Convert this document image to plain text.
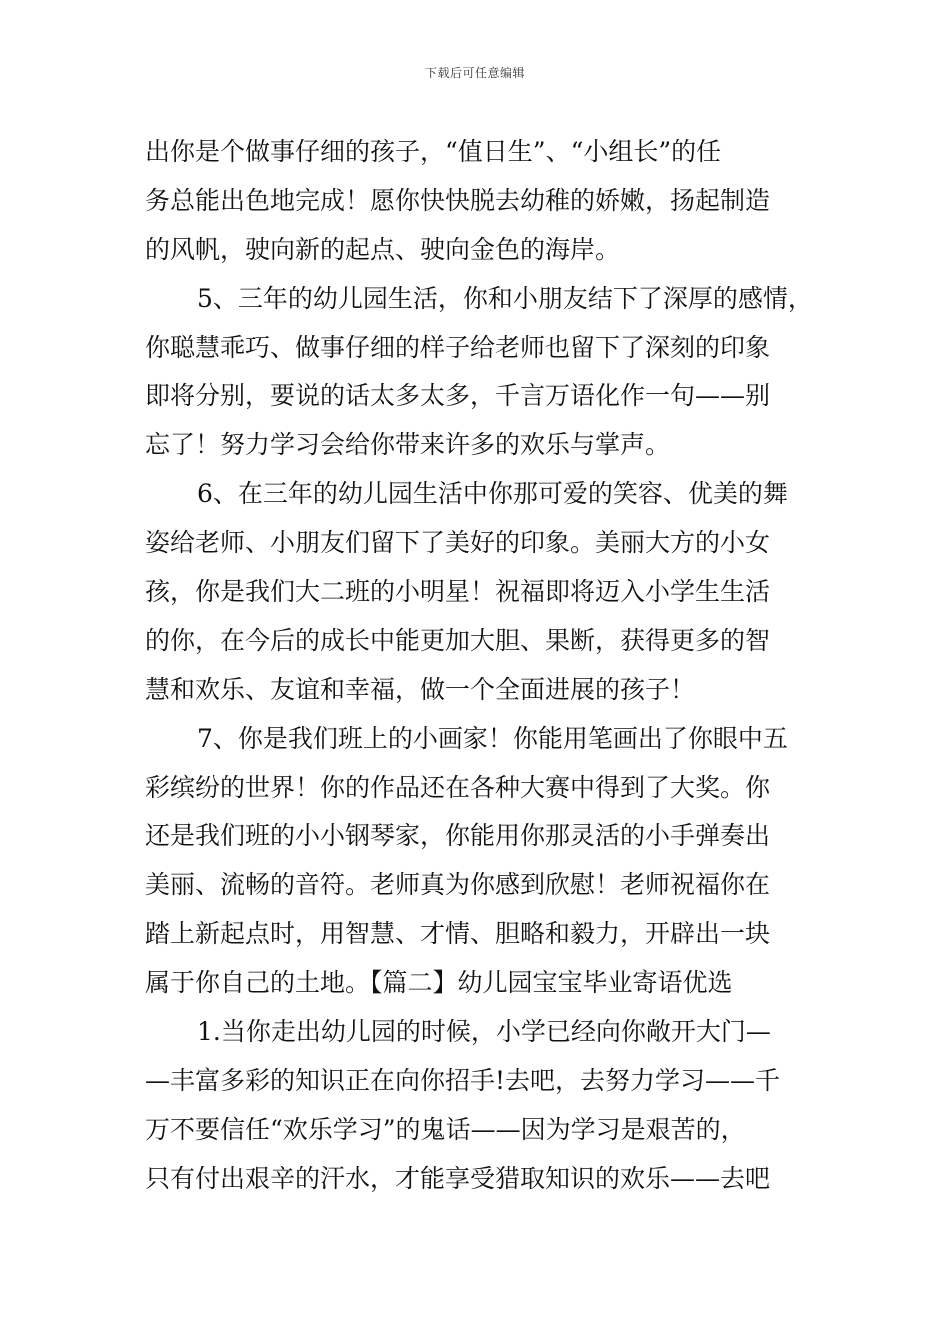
下载后可任意编辑
出你是个做事仔细的孩子，“值日生”、“小组长”的任
务总能出色地完成！愿你快快脱去幼稚的娇嫩，扬起制造
的风帆，驶向新的起点、驶向金色的海岸。
5、三年的幼儿园生活，你和小朋友结下了深厚的感情，
你聪慧乖巧、做事仔细的样子给老师也留下了深刻的印象
即将分别，要说的话太多太多，千言万语化作一句——别
忘了！努力学习会给你带来许多的欢乐与掌声。
6、在三年的幼儿园生活中你那可爱的笑容、优美的舞
姿给老师、小朋友们留下了美好的印象。美丽大方的小女
孩，你是我们大二班的小明星！祝福即将迈入小学生生活
的你，在今后的成长中能更加大胆、果断，获得更多的智
慧和欢乐、友谊和幸福，做一个全面进展的孩子！
7、你是我们班上的小画家！你能用笔画出了你眼中五
彩缤纷的世界！你的作品还在各种大赛中得到了大奖。你
还是我们班的小小钢琴家，你能用你那灵活的小手弹奏出
美丽、流畅的音符。老师真为你感到欣慰！老师祝福你在
踏上新起点时，用智慧、才情、胆略和毅力，开辟出一块
属于你自己的土地。【篇二】幼儿园宝宝毕业寄语优选
1.当你走出幼儿园的时候，小学已经向你敞开大门—
—丰富多彩的知识正在向你招手!去吧，去努力学习——千
万不要信任“欢乐学习”的鬼话——因为学习是艰苦的，
只有付出艰辛的汗水，才能享受猎取知识的欢乐——去吧
